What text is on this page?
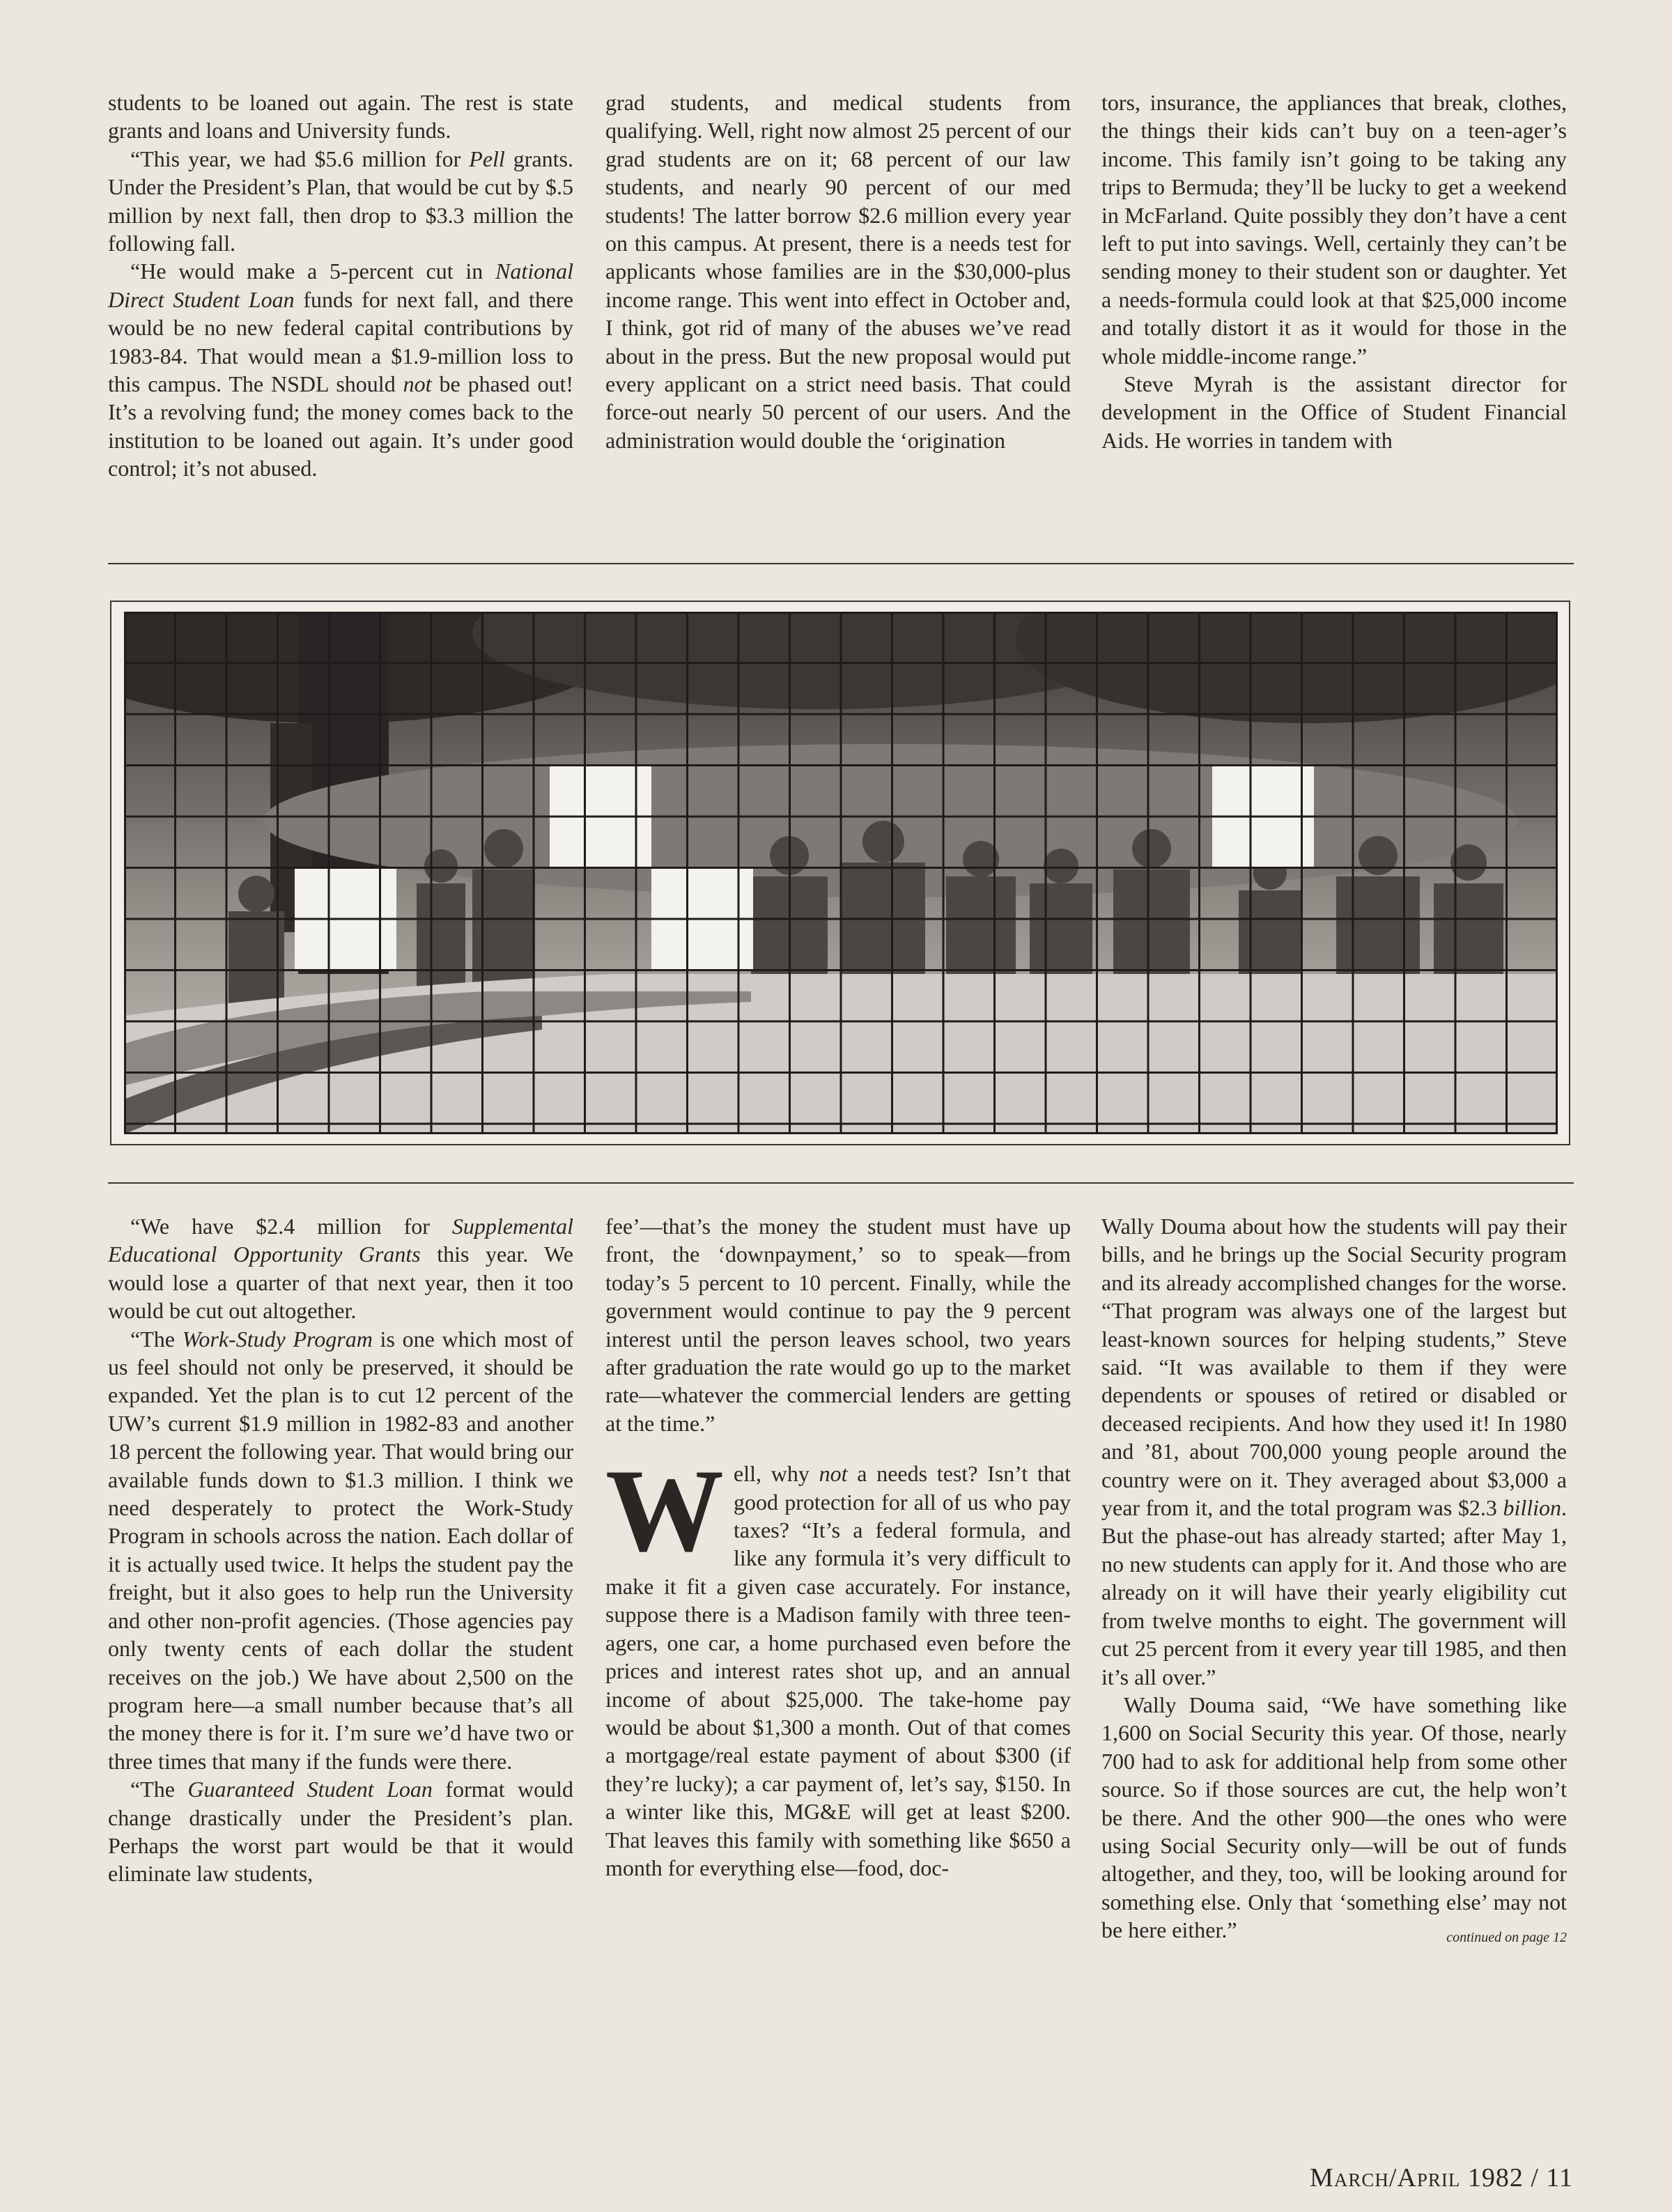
students to be loaned out again. The rest is state grants and loans and University funds.

“This year, we had $5.6 million for Pell grants. Under the President’s Plan, that would be cut by $.5 million by next fall, then drop to $3.3 million the following fall.

“He would make a 5-percent cut in National Direct Student Loan funds for next fall, and there would be no new federal capital contributions by 1983-84. That would mean a $1.9-million loss to this campus. The NSDL should not be phased out! It’s a revolving fund; the money comes back to the institution to be loaned out again. It’s under good control; it’s not abused.

grad students, and medical students from qualifying. Well, right now almost 25 percent of our grad students are on it; 68 percent of our law students, and nearly 90 percent of our med students! The latter borrow $2.6 million every year on this campus. At present, there is a needs test for applicants whose families are in the $30,000-plus income range. This went into effect in October and, I think, got rid of many of the abuses we’ve read about in the press. But the new proposal would put every applicant on a strict need basis. That could force-out nearly 50 percent of our users. And the administration would double the ‘origination

tors, insurance, the appliances that break, clothes, the things their kids can’t buy on a teen-ager’s income. This family isn’t going to be taking any trips to Bermuda; they’ll be lucky to get a weekend in McFarland. Quite possibly they don’t have a cent left to put into savings. Well, certainly they can’t be sending money to their student son or daughter. Yet a needs-formula could look at that $25,000 income and totally distort it as it would for those in the whole middle-income range.”

Steve Myrah is the assistant director for development in the Office of Student Financial Aids. He worries in tandem with

“We have $2.4 million for Supplemental Educational Opportunity Grants this year. We would lose a quarter of that next year, then it too would be cut out altogether.

“The Work-Study Program is one which most of us feel should not only be preserved, it should be expanded. Yet the plan is to cut 12 percent of the UW’s current $1.9 million in 1982-83 and another 18 percent the following year. That would bring our available funds down to $1.3 million. I think we need desperately to protect the Work-Study Program in schools across the nation. Each dollar of it is actually used twice. It helps the student pay the freight, but it also goes to help run the University and other non-profit agencies. (Those agencies pay only twenty cents of each dollar the student receives on the job.) We have about 2,500 on the program here—a small number because that’s all the money there is for it. I’m sure we’d have two or three times that many if the funds were there.

“The Guaranteed Student Loan format would change drastically under the President’s plan. Perhaps the worst part would be that it would eliminate law students,

fee’—that’s the money the student must have up front, the ‘downpayment,’ so to speak—from today’s 5 percent to 10 percent. Finally, while the government would continue to pay the 9 percent interest until the person leaves school, two years after graduation the rate would go up to the market rate—whatever the commercial lenders are getting at the time.”

Well, why not a needs test? Isn’t that good protection for all of us who pay taxes? “It’s a federal formula, and like any formula it’s very difficult to make it fit a given case accurately. For instance, suppose there is a Madison family with three teen-agers, one car, a home purchased even before the prices and interest rates shot up, and an annual income of about $25,000. The take-home pay would be about $1,300 a month. Out of that comes a mortgage/real estate payment of about $300 (if they’re lucky); a car payment of, let’s say, $150. In a winter like this, MG&E will get at least $200. That leaves this family with something like $650 a month for everything else—food, doc-

Wally Douma about how the students will pay their bills, and he brings up the Social Security program and its already accomplished changes for the worse. “That program was always one of the largest but least-known sources for helping students,” Steve said. “It was available to them if they were dependents or spouses of retired or disabled or deceased recipients. And how they used it! In 1980 and ’81, about 700,000 young people around the country were on it. They averaged about $3,000 a year from it, and the total program was $2.3 billion. But the phase-out has already started; after May 1, no new students can apply for it. And those who are already on it will have their yearly eligibility cut from twelve months to eight. The government will cut 25 percent from it every year till 1985, and then it’s all over.”

Wally Douma said, “We have something like 1,600 on Social Security this year. Of those, nearly 700 had to ask for additional help from some other source. So if those sources are cut, the help won’t be there. And the other 900—the ones who were using Social Security only—will be out of funds altogether, and they, too, will be looking around for something else. Only that ‘something else’ may not be here either.”	continued on page 12
March/April 1982 / 11
